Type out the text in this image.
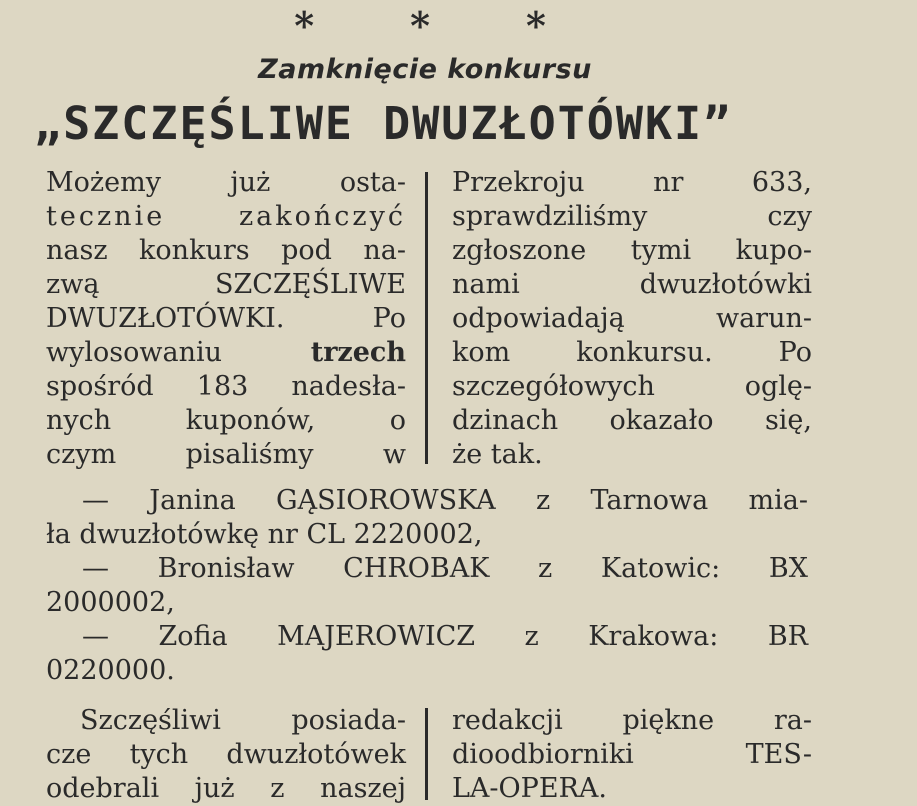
*	*	*
Zamknięcie konkursu
„SZCZĘŚLIWE DWUZŁOTÓWKI”
Możemy już osta-
tecznie zakończyć
nasz konkurs pod na-
zwą SZCZĘŚLIWE
DWUZŁOTÓWKI. Po
wylosowaniu trzech
spośród 183 nadesła-
nych kuponów, o
czym pisaliśmy w
Przekroju nr 633,
sprawdziliśmy czy
zgłoszone tymi kupo-
nami dwuzłotówki
odpowiadają warun-
kom konkursu. Po
szczegółowych oglę-
dzinach okazało się,
że tak.
— Janina GĄSIOROWSKA z Tarnowa mia-
ła dwuzłotówkę nr CL 2220002,
— Bronisław CHROBAK z Katowic: BX
2000002,
— Zofia MAJEROWICZ z Krakowa: BR
0220000.
Szczęśliwi posiada-
cze tych dwuzłotówek
odebrali już z naszej
redakcji piękne ra-
dioodbiorniki TES-
LA-OPERA.
